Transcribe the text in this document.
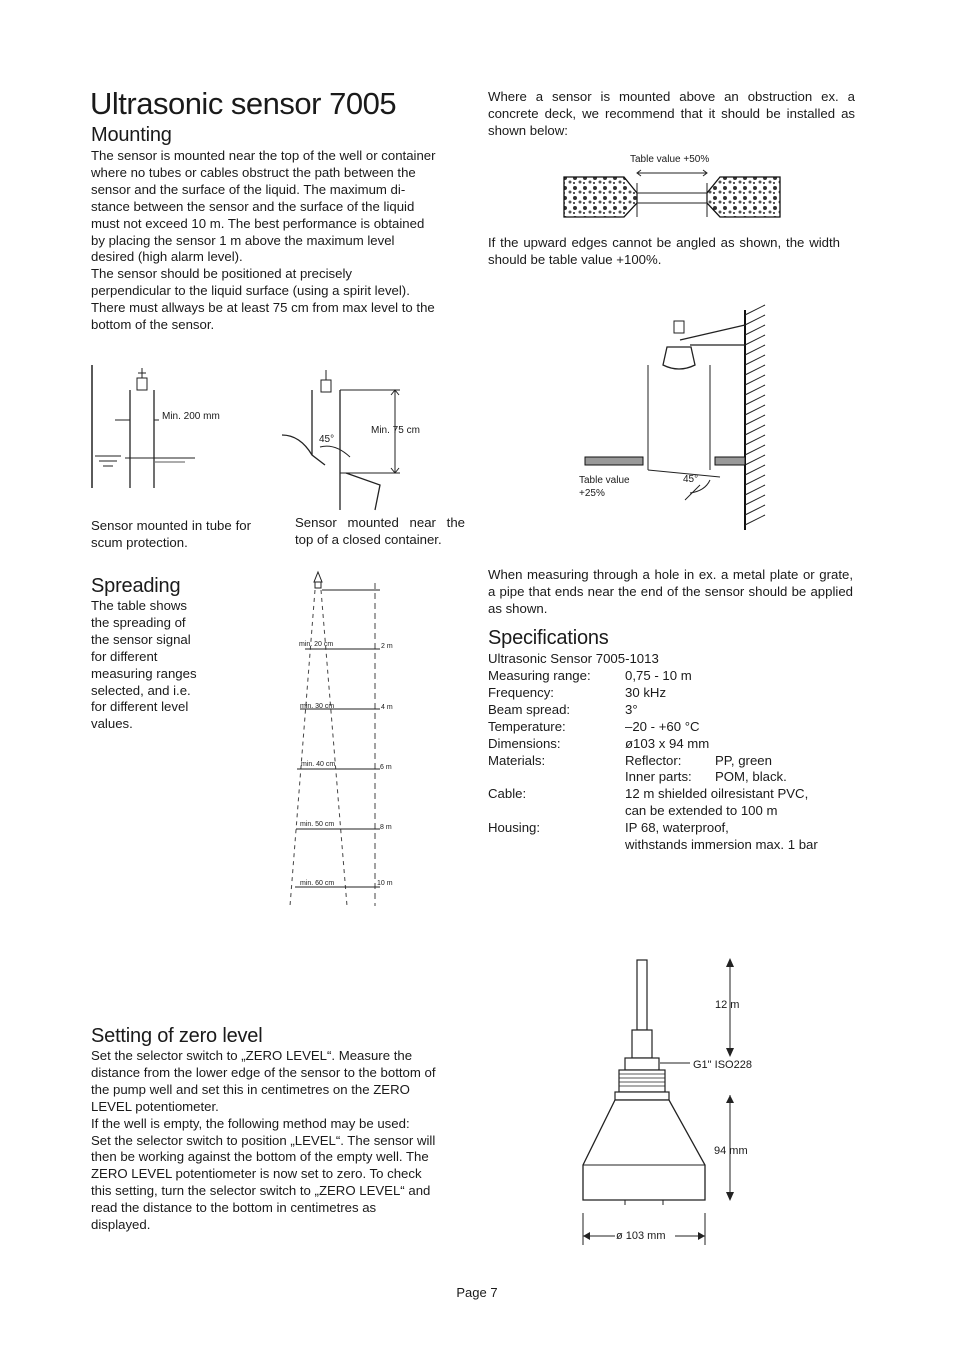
Ultrasonic sensor 7005
Mounting
The sensor is mounted near the top of the well or container
where no tubes or cables obstruct the path between the
sensor and the surface of the liquid. The maximum di-
stance between the sensor and the surface of the liquid
must not exceed 10 m. The best performance is obtained
by placing the sensor 1 m above the maximum level
desired (high alarm level).
The sensor should be positioned at precisely
perpendicular to the liquid surface (using a spirit level).
There must allways be at least 75 cm from max level to the
bottom of the sensor.
Min. 200 mm
45°
Min. 75 cm
Sensor mounted in tube for scum protection.
Sensor mounted near the top of a closed container.
Where a sensor is mounted above an obstruction ex. a concrete deck, we recommend that it should be installed as shown below:
Table value +50%
If the upward edges cannot be angled as shown, the width should be table value +100%.
Table value
+25%
45°
When measuring through a hole in ex. a metal plate or grate, a pipe that ends near the end of the sensor should be applied as shown.
Spreading
The table shows
the spreading of
the sensor signal
for different
measuring ranges
selected, and i.e.
for different level
values.
min. 20 cm	2 m
min. 30 cm	4 m
min. 40 cm	6 m
min. 50 cm	8 m
min. 60 cm	10 m
Specifications
Ultrasonic Sensor 7005-1013
Measuring range:	0,75 - 10 m
Frequency:	30 kHz
Beam spread:	3°
Temperature:	–20 - +60 °C
Dimensions:	ø103 x 94 mm
Materials:	Reflector: PP, green
	Inner parts: POM, black.
Cable:	12 m shielded oilresistant PVC,
	can be extended to 100 m
Housing:	IP 68, waterproof,
	withstands immersion max. 1 bar
Setting of zero level
Set the selector switch to „ZERO LEVEL“. Measure the
distance from the lower edge of the sensor to the bottom of
the pump well and set this in centimetres on the ZERO
LEVEL potentiometer.
If the well is empty, the following method may be used:
Set the selector switch to position „LEVEL“. The sensor will
then be working against the bottom of the empty well. The
ZERO LEVEL potentiometer is now set to zero. To check
this setting, turn the selector switch to „ZERO LEVEL“ and
read the distance to the bottom in centimetres as
displayed.
12 m
G1" ISO228
94 mm
ø 103 mm
Page 7
